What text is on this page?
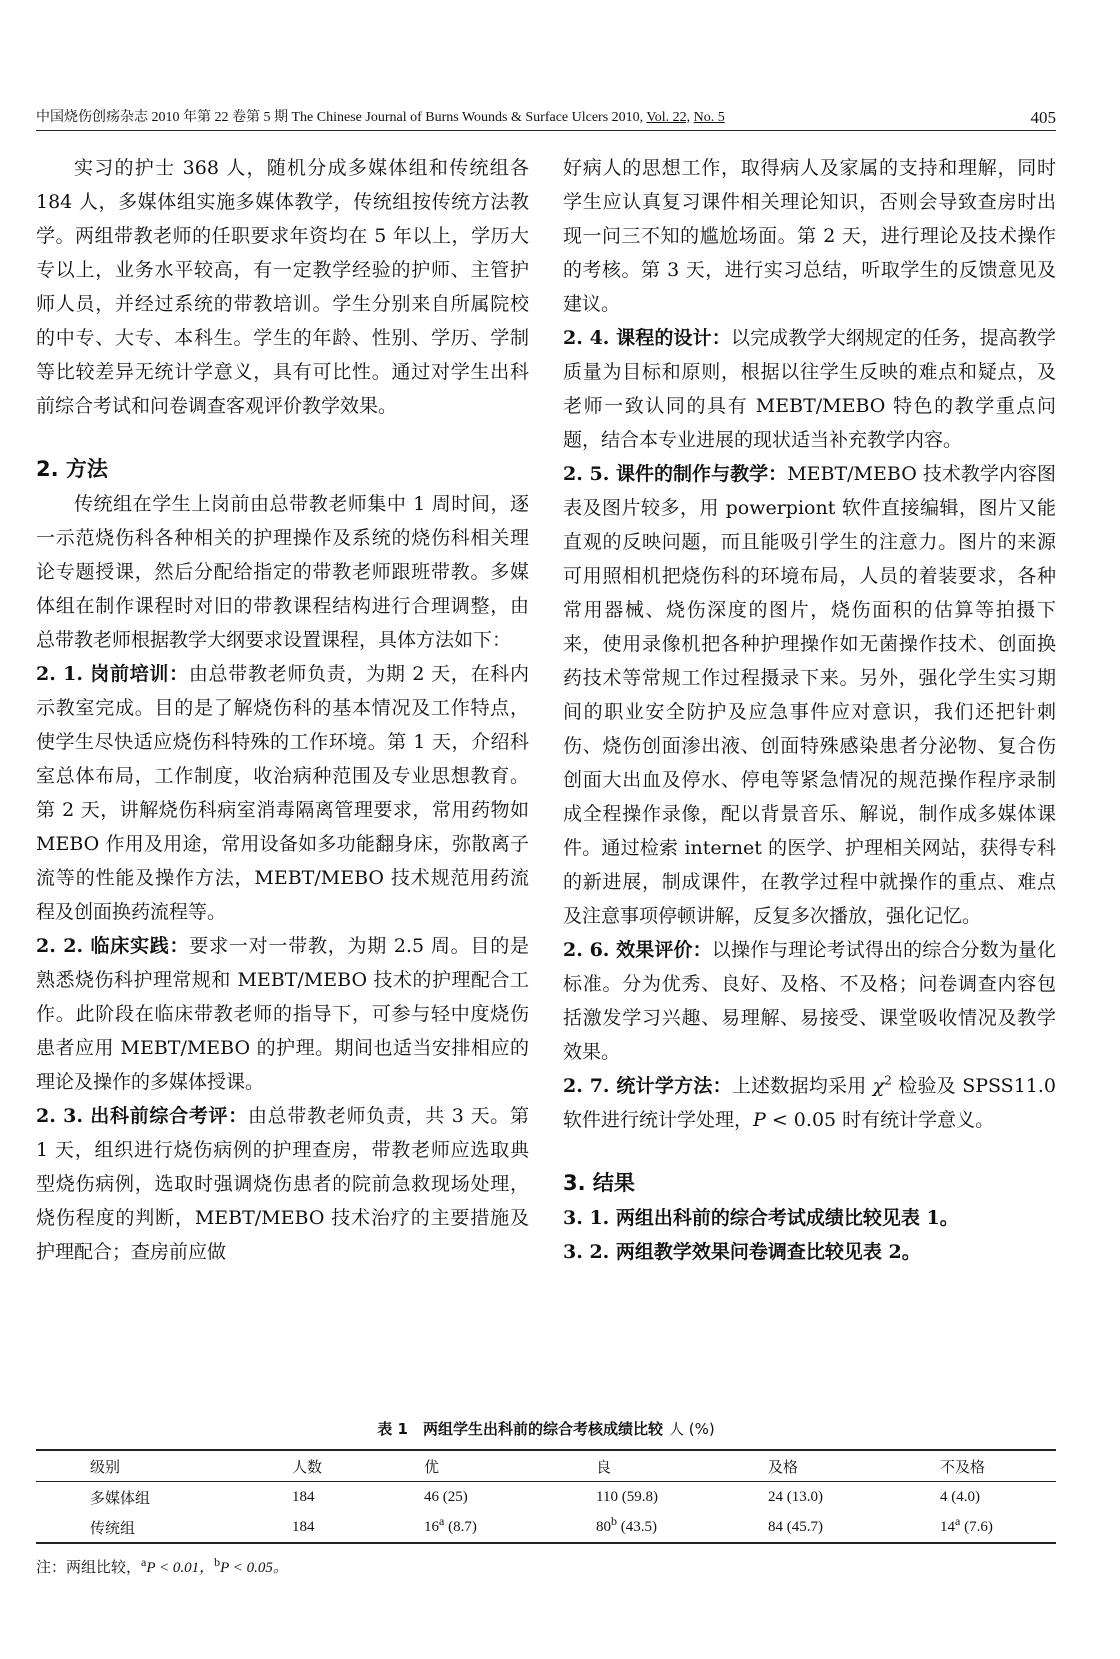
中国烧伤创疡杂志 2010 年第 22 卷第 5 期 The Chinese Journal of Burns Wounds & Surface Ulcers 2010, Vol. 22, No. 5	405

实习的护士 368 人，随机分成多媒体组和传统组各 184 人，多媒体组实施多媒体教学，传统组按传统方法教学。两组带教老师的任职要求年资均在 5 年以上，学历大专以上，业务水平较高，有一定教学经验的护师、主管护师人员，并经过系统的带教培训。学生分别来自所属院校的中专、大专、本科生。学生的年龄、性别、学历、学制等比较差异无统计学意义，具有可比性。通过对学生出科前综合考试和问卷调查客观评价教学效果。

2. 方法

传统组在学生上岗前由总带教老师集中 1 周时间，逐一示范烧伤科各种相关的护理操作及系统的烧伤科相关理论专题授课，然后分配给指定的带教老师跟班带教。多媒体组在制作课程时对旧的带教课程结构进行合理调整，由总带教老师根据教学大纲要求设置课程，具体方法如下：

2. 1. 岗前培训：由总带教老师负责，为期 2 天，在科内示教室完成。目的是了解烧伤科的基本情况及工作特点，使学生尽快适应烧伤科特殊的工作环境。第 1 天，介绍科室总体布局，工作制度，收治病种范围及专业思想教育。第 2 天，讲解烧伤科病室消毒隔离管理要求，常用药物如 MEBO 作用及用途，常用设备如多功能翻身床，弥散离子流等的性能及操作方法，MEBT/MEBO 技术规范用药流程及创面换药流程等。

2. 2. 临床实践：要求一对一带教，为期 2.5 周。目的是熟悉烧伤科护理常规和 MEBT/MEBO 技术的护理配合工作。此阶段在临床带教老师的指导下，可参与轻中度烧伤患者应用 MEBT/MEBO 的护理。期间也适当安排相应的理论及操作的多媒体授课。

2. 3. 出科前综合考评：由总带教老师负责，共 3 天。第 1 天，组织进行烧伤病例的护理查房，带教老师应选取典型烧伤病例，选取时强调烧伤患者的院前急救现场处理，烧伤程度的判断，MEBT/MEBO 技术治疗的主要措施及护理配合；查房前应做

好病人的思想工作，取得病人及家属的支持和理解，同时学生应认真复习课件相关理论知识，否则会导致查房时出现一问三不知的尴尬场面。第 2 天，进行理论及技术操作的考核。第 3 天，进行实习总结，听取学生的反馈意见及建议。

2. 4. 课程的设计：以完成教学大纲规定的任务，提高教学质量为目标和原则，根据以往学生反映的难点和疑点，及老师一致认同的具有 MEBT/MEBO 特色的教学重点问题，结合本专业进展的现状适当补充教学内容。

2. 5. 课件的制作与教学：MEBT/MEBO 技术教学内容图表及图片较多，用 powerpiont 软件直接编辑，图片又能直观的反映问题，而且能吸引学生的注意力。图片的来源可用照相机把烧伤科的环境布局，人员的着装要求，各种常用器械、烧伤深度的图片，烧伤面积的估算等拍摄下来，使用录像机把各种护理操作如无菌操作技术、创面换药技术等常规工作过程摄录下来。另外，强化学生实习期间的职业安全防护及应急事件应对意识，我们还把针刺伤、烧伤创面渗出液、创面特殊感染患者分泌物、复合伤创面大出血及停水、停电等紧急情况的规范操作程序录制成全程操作录像，配以背景音乐、解说，制作成多媒体课件。通过检索 internet 的医学、护理相关网站，获得专科的新进展，制成课件，在教学过程中就操作的重点、难点及注意事项停顿讲解，反复多次播放，强化记忆。

2. 6. 效果评价：以操作与理论考试得出的综合分数为量化标准。分为优秀、良好、及格、不及格；问卷调查内容包括激发学习兴趣、易理解、易接受、课堂吸收情况及教学效果。

2. 7. 统计学方法：上述数据均采用 $\chi^2$ 检验及 SPSS11.0 软件进行统计学处理，P < 0.05 时有统计学意义。

3. 结果

3. 1. 两组出科前的综合考试成绩比较见表 1。

3. 2. 两组教学效果问卷调查比较见表 2。

表 1　两组学生出科前的综合考核成绩比较 人 (%)
级别	人数	优	良	及格	不及格
多媒体组	184	46 (25)	110 (59.8)	24 (13.0)	4 (4.0)
传统组	184	16$^a$ (8.7)	80$^b$ (43.5)	84 (45.7)	14$^a$ (7.6)
注：两组比较，$^a$P < 0.01，$^b$P < 0.05。
